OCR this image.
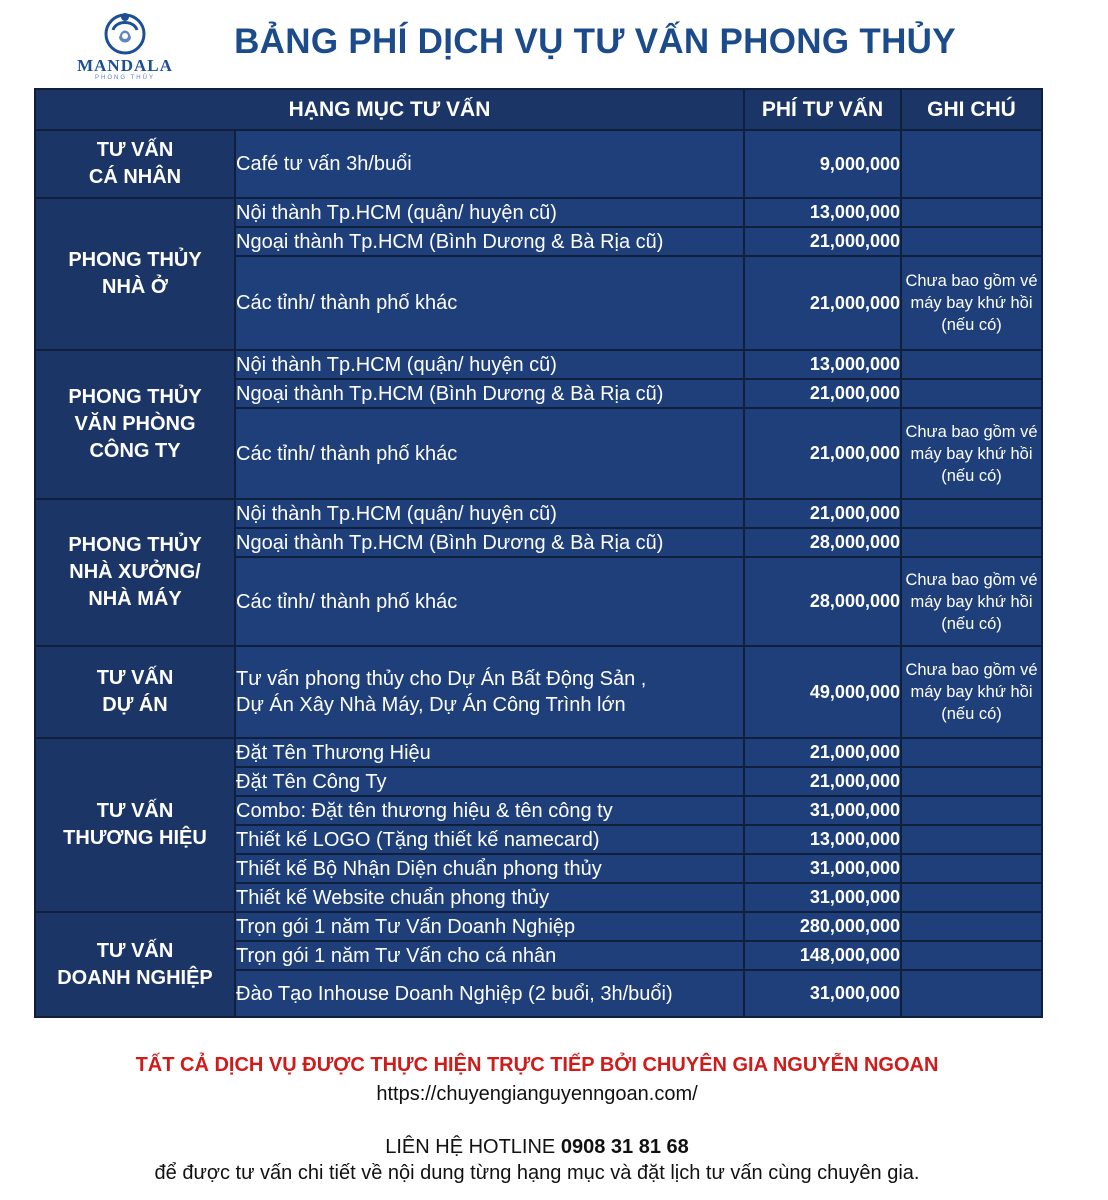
MANDALA
PHONG THỦY
BẢNG PHÍ DỊCH VỤ TƯ VẤN PHONG THỦY
HẠNG MỤC TƯ VẤN		PHÍ TƯ VẤN	GHI CHÚ
TƯ VẤN
CÁ NHÂN	Café tư vấn 3h/buổi	9,000,000	
PHONG THỦY
NHÀ Ở	Nội thành Tp.HCM (quận/ huyện cũ)	13,000,000	
	Ngoại thành Tp.HCM (Bình Dương & Bà Rịa cũ)	21,000,000	
	Các tỉnh/ thành phố khác	21,000,000	Chưa bao gồm vé máy bay khứ hồi (nếu có)
PHONG THỦY
VĂN PHÒNG
CÔNG TY	Nội thành Tp.HCM (quận/ huyện cũ)	13,000,000	
	Ngoại thành Tp.HCM (Bình Dương & Bà Rịa cũ)	21,000,000	
	Các tỉnh/ thành phố khác	21,000,000	Chưa bao gồm vé máy bay khứ hồi (nếu có)
PHONG THỦY
NHÀ XƯỞNG/
NHÀ MÁY	Nội thành Tp.HCM (quận/ huyện cũ)	21,000,000	
	Ngoại thành Tp.HCM (Bình Dương & Bà Rịa cũ)	28,000,000	
	Các tỉnh/ thành phố khác	28,000,000	Chưa bao gồm vé máy bay khứ hồi (nếu có)
TƯ VẤN
DỰ ÁN	Tư vấn phong thủy cho Dự Án Bất Động Sản ,
Dự Án Xây Nhà Máy, Dự Án Công Trình lớn	49,000,000	Chưa bao gồm vé máy bay khứ hồi (nếu có)
TƯ VẤN
THƯƠNG HIỆU	Đặt Tên Thương Hiệu	21,000,000	
	Đặt Tên Công Ty	21,000,000	
	Combo: Đặt tên thương hiệu & tên công ty	31,000,000	
	Thiết kế LOGO (Tặng thiết kế namecard)	13,000,000	
	Thiết kế Bộ Nhận Diện chuẩn phong thủy	31,000,000	
	Thiết kế Website chuẩn phong thủy	31,000,000	
TƯ VẤN
DOANH NGHIỆP	Trọn gói 1 năm Tư Vấn Doanh Nghiệp	280,000,000	
	Trọn gói 1 năm Tư Vấn cho cá nhân	148,000,000	
	Đào Tạo Inhouse Doanh Nghiệp (2 buổi, 3h/buổi)	31,000,000	
TẤT CẢ DỊCH VỤ ĐƯỢC THỰC HIỆN TRỰC TIẾP BỞI CHUYÊN GIA NGUYỄN NGOAN
https://chuyengianguyenngoan.com/
LIÊN HỆ HOTLINE 0908 31 81 68
để được tư vấn chi tiết về nội dung từng hạng mục và đặt lịch tư vấn cùng chuyên gia.
